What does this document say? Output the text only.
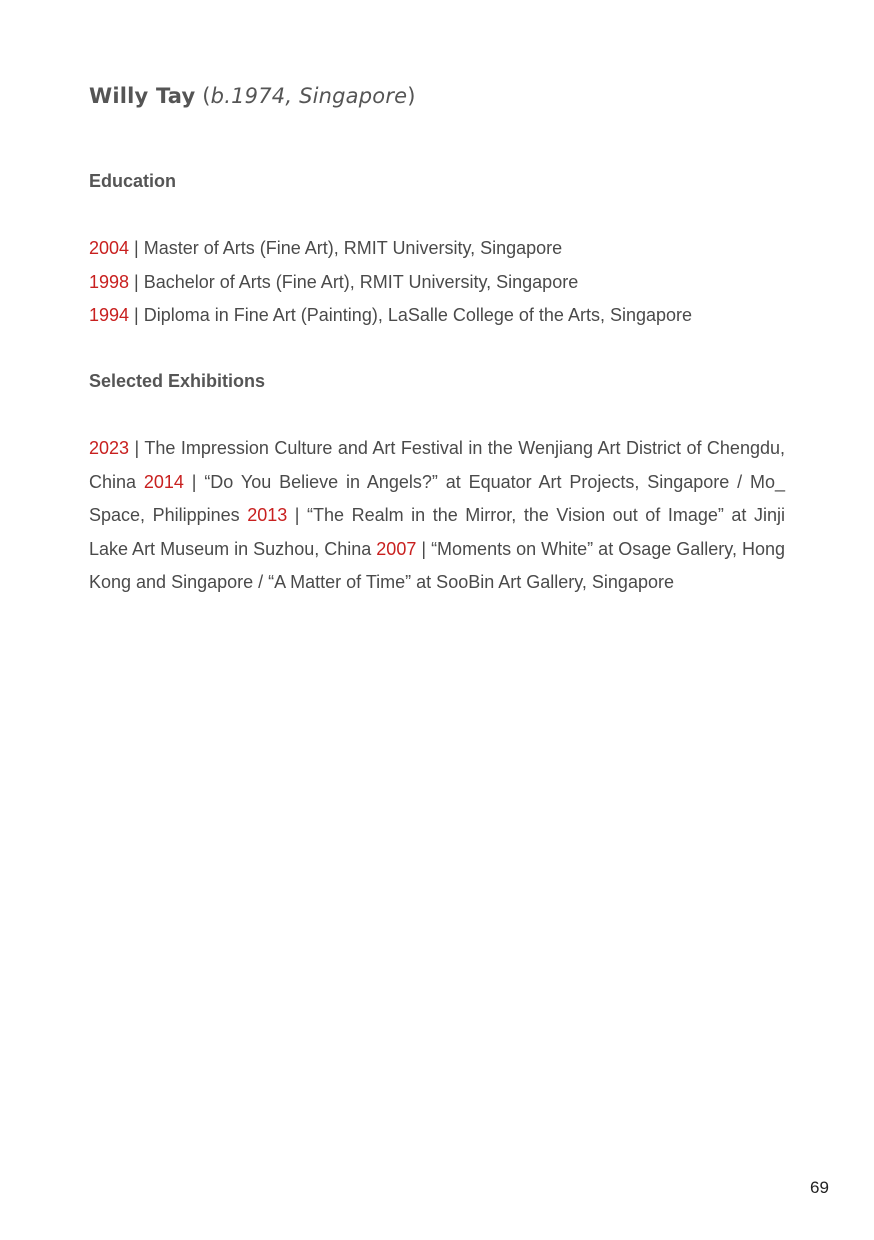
Willy Tay (b.1974, Singapore)
Education
2004 | Master of Arts (Fine Art), RMIT University, Singapore
1998 | Bachelor of Arts (Fine Art), RMIT University, Singapore
1994 | Diploma in Fine Art (Painting), LaSalle College of the Arts, Singapore
Selected Exhibitions

2023 | The Impression Culture and Art Festival in the Wenjiang Art District of Chengdu, China 2014 | “Do You Believe in Angels?” at Equator Art Projects, Singapore / Mo_ Space, Philippines 2013 | “The Realm in the Mirror, the Vision out of Image” at Jinji Lake Art Museum in Suzhou, China 2007 | “Moments on White” at Osage Gallery, Hong Kong and Singapore / “A Matter of Time” at SooBin Art Gallery, Singapore

69
